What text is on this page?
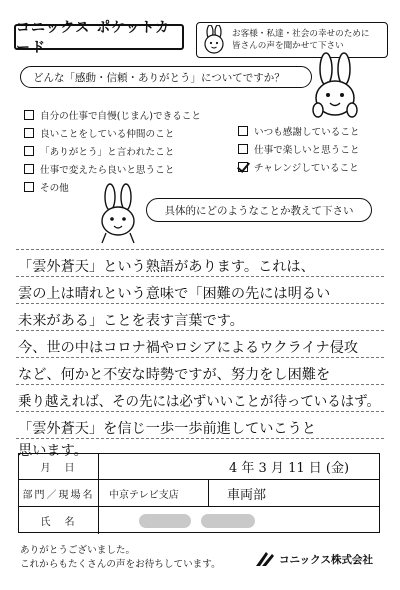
コニックス ポケットカード
お客様・私達・社会の幸せのために
皆さんの声を聞かせて下さい
どんな「感動・信頼・ありがとう」についてですか？
自分の仕事で自慢(じまん)できること
良いことをしている仲間のこと
「ありがとう」と言われたこと
仕事で変えたら良いと思うこと
その他
いつも感謝していること
仕事で楽しいと思うこと
チャレンジしていること
具体的にどのようなことか教えて下さい
「雲外蒼天」という熟語があります。これは、
雲の上は晴れという意味で「困難の先には明るい
未来がある」ことを表す言葉です。
今、世の中はコロナ禍やロシアによるウクライナ侵攻
など、何かと不安な時勢ですが、努力をし困難を
乗り越えれば、その先には必ずいいことが待っているはず。
「雲外蒼天」を信じ一歩一歩前進していこうと
思います。
月　日	4 年 3 月 11 日 (金)
部門／現場名	中京テレビ支店	車両部
氏　名
ありがとうございました。
これからもたくさんの声をお待ちしています。	コニックス株式会社
